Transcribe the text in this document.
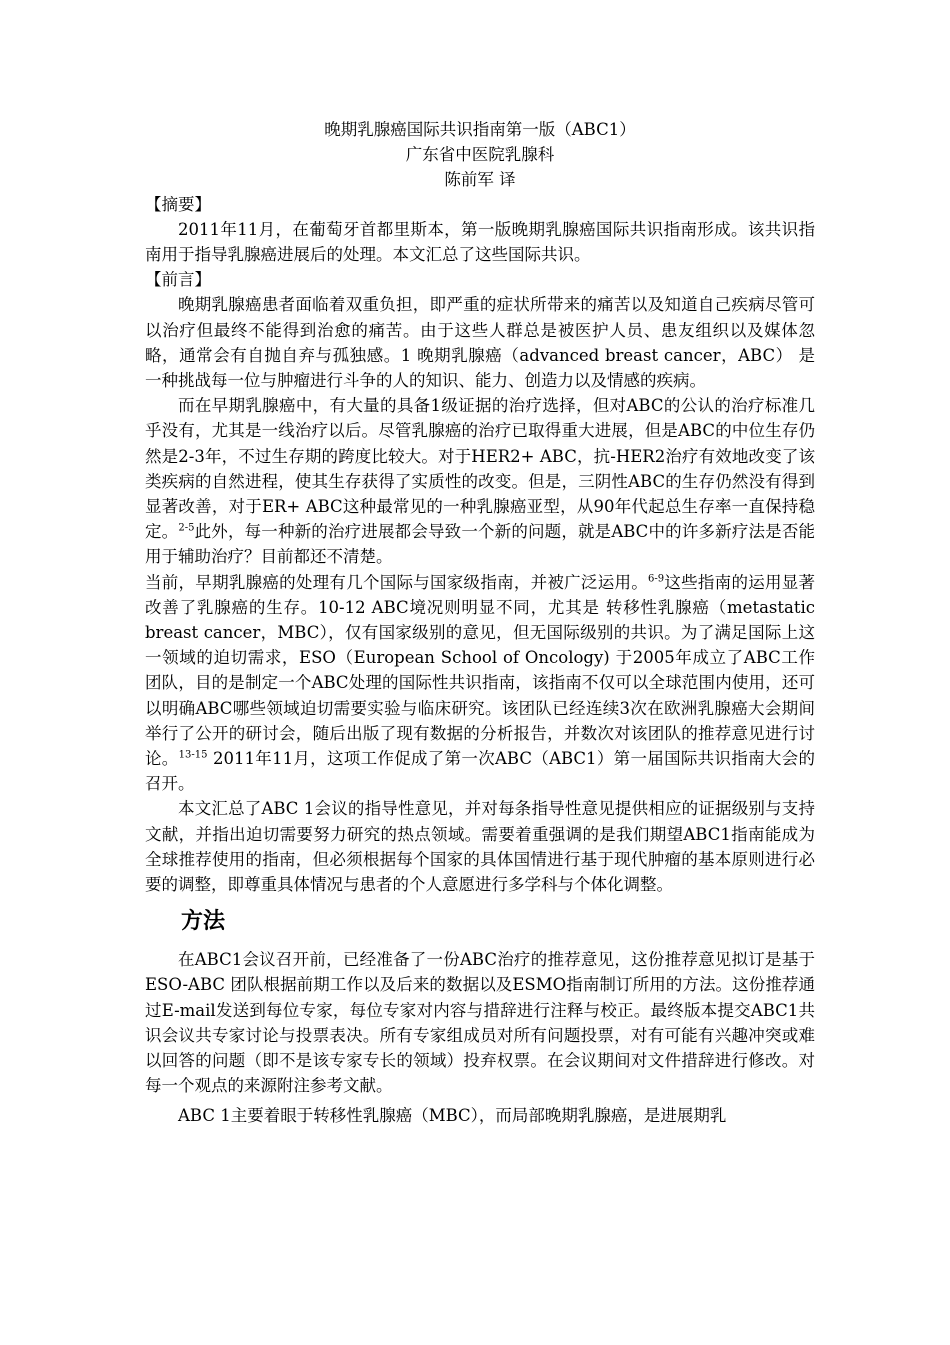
晚期乳腺癌国际共识指南第一版（ABC1）
广东省中医院乳腺科
陈前军 译
【摘要】

2011年11月，在葡萄牙首都里斯本，第一版晚期乳腺癌国际共识指南形成。该共识指南用于指导乳腺癌进展后的处理。本文汇总了这些国际共识。

【前言】

晚期乳腺癌患者面临着双重负担，即严重的症状所带来的痛苦以及知道自己疾病尽管可以治疗但最终不能得到治愈的痛苦。由于这些人群总是被医护人员、患友组织以及媒体忽略，通常会有自抛自弃与孤独感。1 晚期乳腺癌（advanced breast cancer，ABC） 是一种挑战每一位与肿瘤进行斗争的人的知识、能力、创造力以及情感的疾病。

而在早期乳腺癌中，有大量的具备1级证据的治疗选择，但对ABC的公认的治疗标准几乎没有，尤其是一线治疗以后。尽管乳腺癌的治疗已取得重大进展，但是ABC的中位生存仍然是2-3年，不过生存期的跨度比较大。对于HER2+ ABC，抗-HER2治疗有效地改变了该类疾病的自然进程，使其生存获得了实质性的改变。但是，三阴性ABC的生存仍然没有得到显著改善，对于ER+ ABC这种最常见的一种乳腺癌亚型，从90年代起总生存率一直保持稳定。$^{2-5}$此外，每一种新的治疗进展都会导致一个新的问题，就是ABC中的许多新疗法是否能用于辅助治疗？目前都还不清楚。

当前，早期乳腺癌的处理有几个国际与国家级指南，并被广泛运用。$^{6-9}$这些指南的运用显著改善了乳腺癌的生存。10-12 ABC境况则明显不同，尤其是 转移性乳腺癌（metastatic breast cancer，MBC），仅有国家级别的意见，但无国际级别的共识。为了满足国际上这一领域的迫切需求，ESO（European School of Oncology) 于2005年成立了ABC工作团队，目的是制定一个ABC处理的国际性共识指南，该指南不仅可以全球范围内使用，还可以明确ABC哪些领域迫切需要实验与临床研究。该团队已经连续3次在欧洲乳腺癌大会期间举行了公开的研讨会，随后出版了现有数据的分析报告，并数次对该团队的推荐意见进行讨论。$^{13-15}$ 2011年11月，这项工作促成了第一次ABC（ABC1）第一届国际共识指南大会的召开。

本文汇总了ABC 1会议的指导性意见，并对每条指导性意见提供相应的证据级别与支持文献，并指出迫切需要努力研究的热点领域。需要着重强调的是我们期望ABC1指南能成为全球推荐使用的指南，但必须根据每个国家的具体国情进行基于现代肿瘤的基本原则进行必要的调整，即尊重具体情况与患者的个人意愿进行多学科与个体化调整。

方法

在ABC1会议召开前，已经准备了一份ABC治疗的推荐意见，这份推荐意见拟订是基于ESO-ABC 团队根据前期工作以及后来的数据以及ESMO指南制订所用的方法。这份推荐通过E-mail发送到每位专家，每位专家对内容与措辞进行注释与校正。最终版本提交ABC1共识会议共专家讨论与投票表决。所有专家组成员对所有问题投票，对有可能有兴趣冲突或难以回答的问题（即不是该专家专长的领域）投弃权票。在会议期间对文件措辞进行修改。对每一个观点的来源附注参考文献。

ABC 1主要着眼于转移性乳腺癌（MBC），而局部晚期乳腺癌，是进展期乳
